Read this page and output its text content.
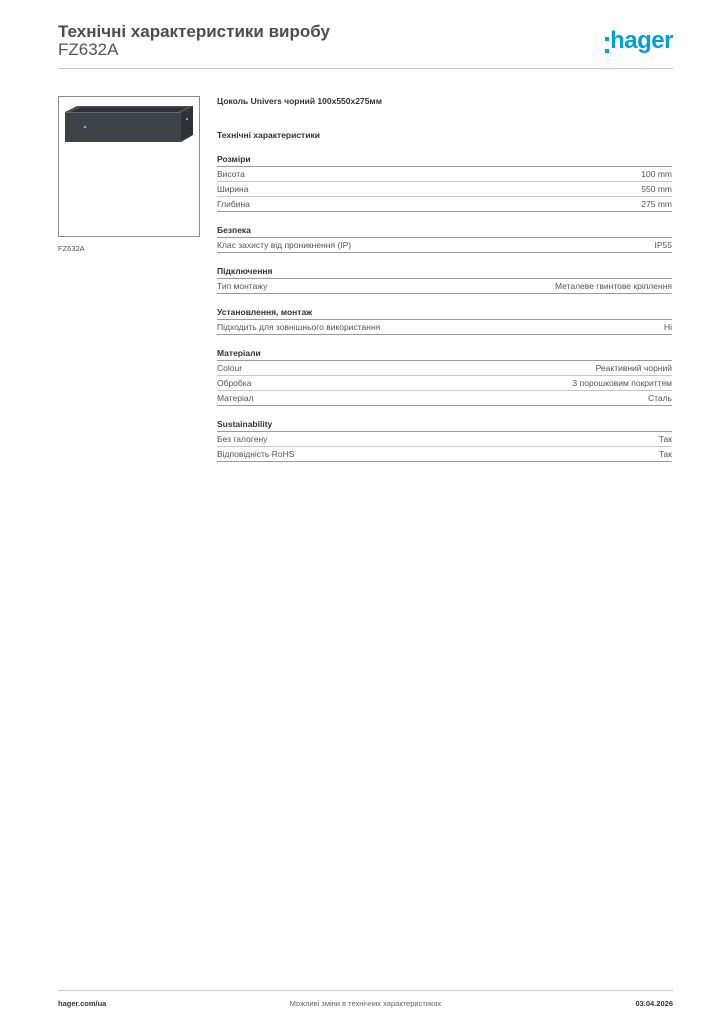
Технічні характеристики виробу
FZ632A	hager
FZ632A
Цоколь Univers чорний 100x550x275мм
Технічні характеристики
Розміри
Висота	100 mm
Ширина	550 mm
Глибина	275 mm
Безпека
Клас захисту від проникнення (IP)	IP55
Підключення
Тип монтажу	Металеве гвинтове кріплення
Установлення, монтаж
Підходить для зовнішнього використання	Ні
Матеріали
Colour	Реактивний чорний
Обробка	З порошковим покриттям
Матеріал	Сталь
Sustainability
Без галогену	Так
Відповідність RoHS	Так
hager.com/ua	Можливі зміни в технічних характеристиках	03.04.2026
